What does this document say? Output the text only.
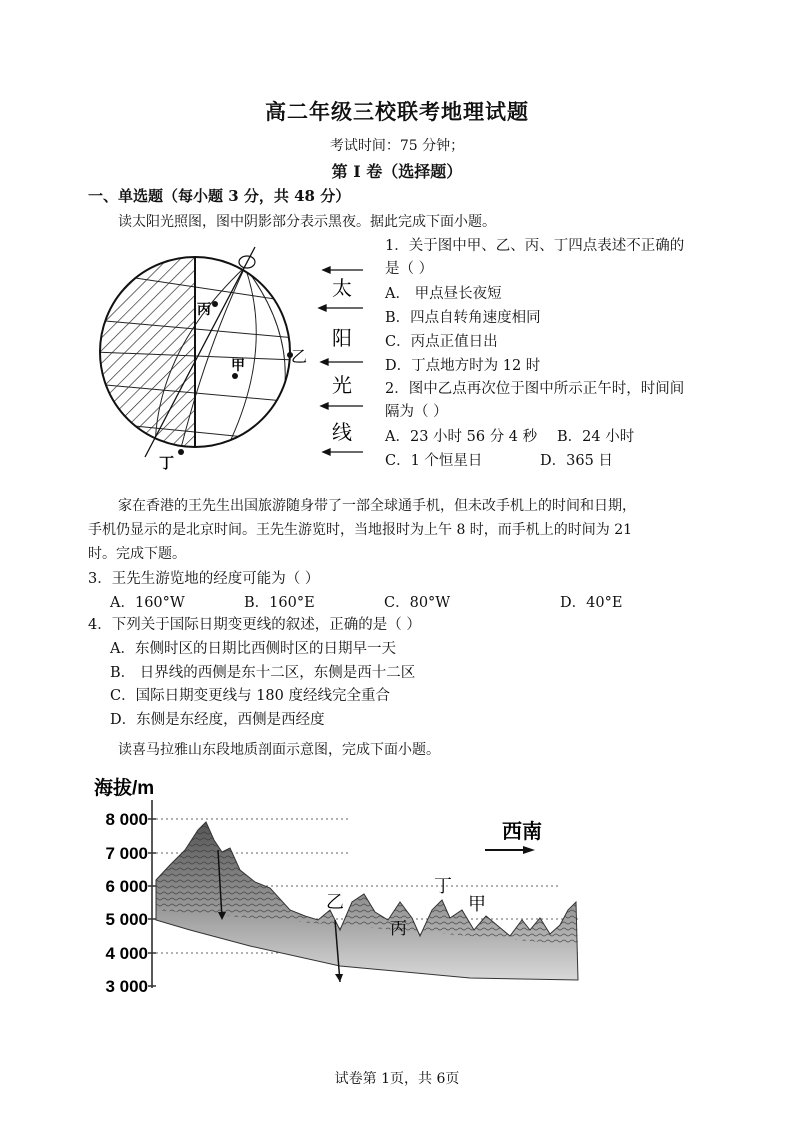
高二年级三校联考地理试题
考试时间：75 分钟；
第 I 卷（选择题）
一、单选题（每小题 3 分，共 48 分）
读太阳光照图，图中阴影部分表示黑夜。据此完成下面小题。
丙
甲	乙
丁
太
阳
光
线
1．关于图中甲、乙、丙、丁四点表述不正确的
是（ ）
A． 甲点昼长夜短
B．四点自转角速度相同
C．丙点正值日出
D．丁点地方时为 12 时
2．图中乙点再次位于图中所示正午时，时间间
隔为（ ）
A．23 小时 56 分 4 秒 B．24 小时
C．1 个恒星日	D．365 日
家在香港的王先生出国旅游随身带了一部全球通手机，但未改手机上的时间和日期，
手机仍显示的是北京时间。王先生游览时，当地报时为上午 8 时，而手机上的时间为 21
时。完成下题。
3．王先生游览地的经度可能为（ ）
A．160°W	B．160°E	C．80°W	D．40°E
4．下列关于国际日期变更线的叙述，正确的是（ ）
A．东侧时区的日期比西侧时区的日期早一天
B． 日界线的西侧是东十二区，东侧是西十二区
C．国际日期变更线与 180 度经线完全重合
D．东侧是东经度，西侧是西经度
读喜马拉雅山东段地质剖面示意图，完成下面小题。
海拔/m
8 000
7 000
6 000
5 000
4 000
3 000
乙
丙
丁
甲
西南
试卷第 1页，共 6页
